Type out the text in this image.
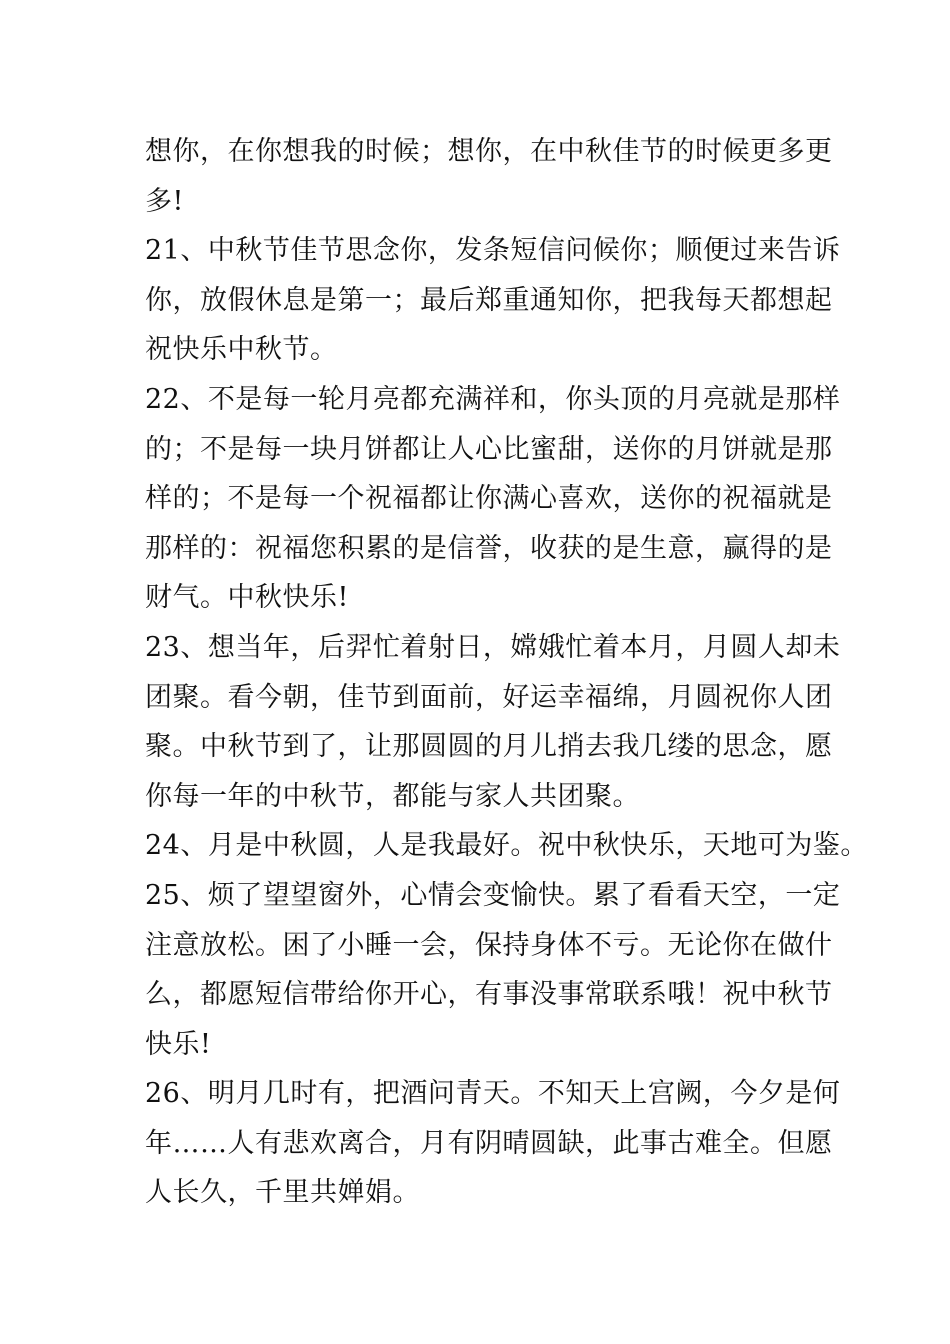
想你，在你想我的时候；想你，在中秋佳节的时候更多更
多!
21、中秋节佳节思念你，发条短信问候你；顺便过来告诉
你，放假休息是第一；最后郑重通知你，把我每天都想起
祝快乐中秋节。
22、不是每一轮月亮都充满祥和，你头顶的月亮就是那样
的；不是每一块月饼都让人心比蜜甜，送你的月饼就是那
样的；不是每一个祝福都让你满心喜欢，送你的祝福就是
那样的：祝福您积累的是信誉，收获的是生意，赢得的是
财气。中秋快乐!
23、想当年，后羿忙着射日，嫦娥忙着本月，月圆人却未
团聚。看今朝，佳节到面前，好运幸福绵，月圆祝你人团
聚。中秋节到了，让那圆圆的月儿捎去我几缕的思念，愿
你每一年的中秋节，都能与家人共团聚。
24、月是中秋圆，人是我最好。祝中秋快乐，天地可为鉴。
25、烦了望望窗外，心情会变愉快。累了看看天空，一定
注意放松。困了小睡一会，保持身体不亏。无论你在做什
么，都愿短信带给你开心，有事没事常联系哦！祝中秋节
快乐!
26、明月几时有，把酒问青天。不知天上宫阙，今夕是何
年……人有悲欢离合，月有阴晴圆缺，此事古难全。但愿
人长久，千里共婵娟。
